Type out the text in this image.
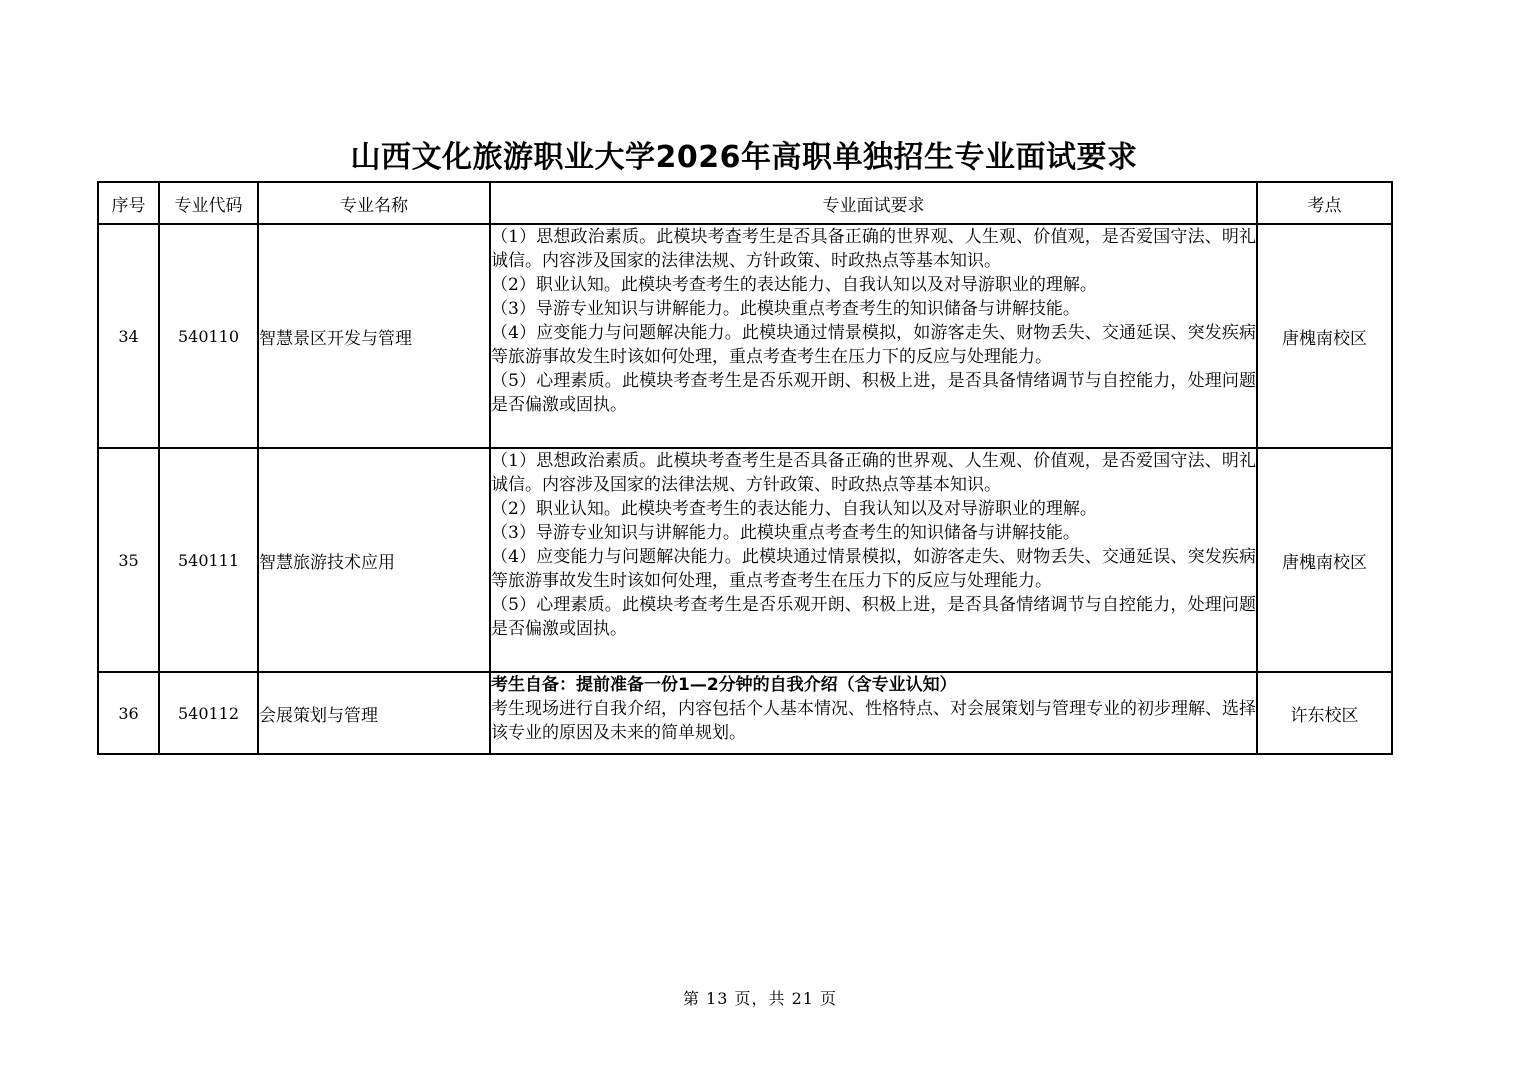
山西文化旅游职业大学2026年高职单独招生专业面试要求
序号	专业代码	专业名称	专业面试要求	考点
34	540110	智慧景区开发与管理	（1）思想政治素质。此模块考查考生是否具备正确的世界观、人生观、价值观，是否爱国守法、明礼诚信。内容涉及国家的法律法规、方针政策、时政热点等基本知识。
（2）职业认知。此模块考查考生的表达能力、自我认知以及对导游职业的理解。
（3）导游专业知识与讲解能力。此模块重点考查考生的知识储备与讲解技能。
（4）应变能力与问题解决能力。此模块通过情景模拟，如游客走失、财物丢失、交通延误、突发疾病等旅游事故发生时该如何处理，重点考查考生在压力下的反应与处理能力。
（5）心理素质。此模块考查考生是否乐观开朗、积极上进，是否具备情绪调节与自控能力，处理问题是否偏激或固执。	唐槐南校区
35	540111	智慧旅游技术应用	（1）思想政治素质。此模块考查考生是否具备正确的世界观、人生观、价值观，是否爱国守法、明礼诚信。内容涉及国家的法律法规、方针政策、时政热点等基本知识。
（2）职业认知。此模块考查考生的表达能力、自我认知以及对导游职业的理解。
（3）导游专业知识与讲解能力。此模块重点考查考生的知识储备与讲解技能。
（4）应变能力与问题解决能力。此模块通过情景模拟，如游客走失、财物丢失、交通延误、突发疾病等旅游事故发生时该如何处理，重点考查考生在压力下的反应与处理能力。
（5）心理素质。此模块考查考生是否乐观开朗、积极上进，是否具备情绪调节与自控能力，处理问题是否偏激或固执。	唐槐南校区
36	540112	会展策划与管理	考生自备：提前准备一份1—2分钟的自我介绍（含专业认知）
考生现场进行自我介绍，内容包括个人基本情况、性格特点、对会展策划与管理专业的初步理解、选择该专业的原因及未来的简单规划。	许东校区
第 13 页，共 21 页
